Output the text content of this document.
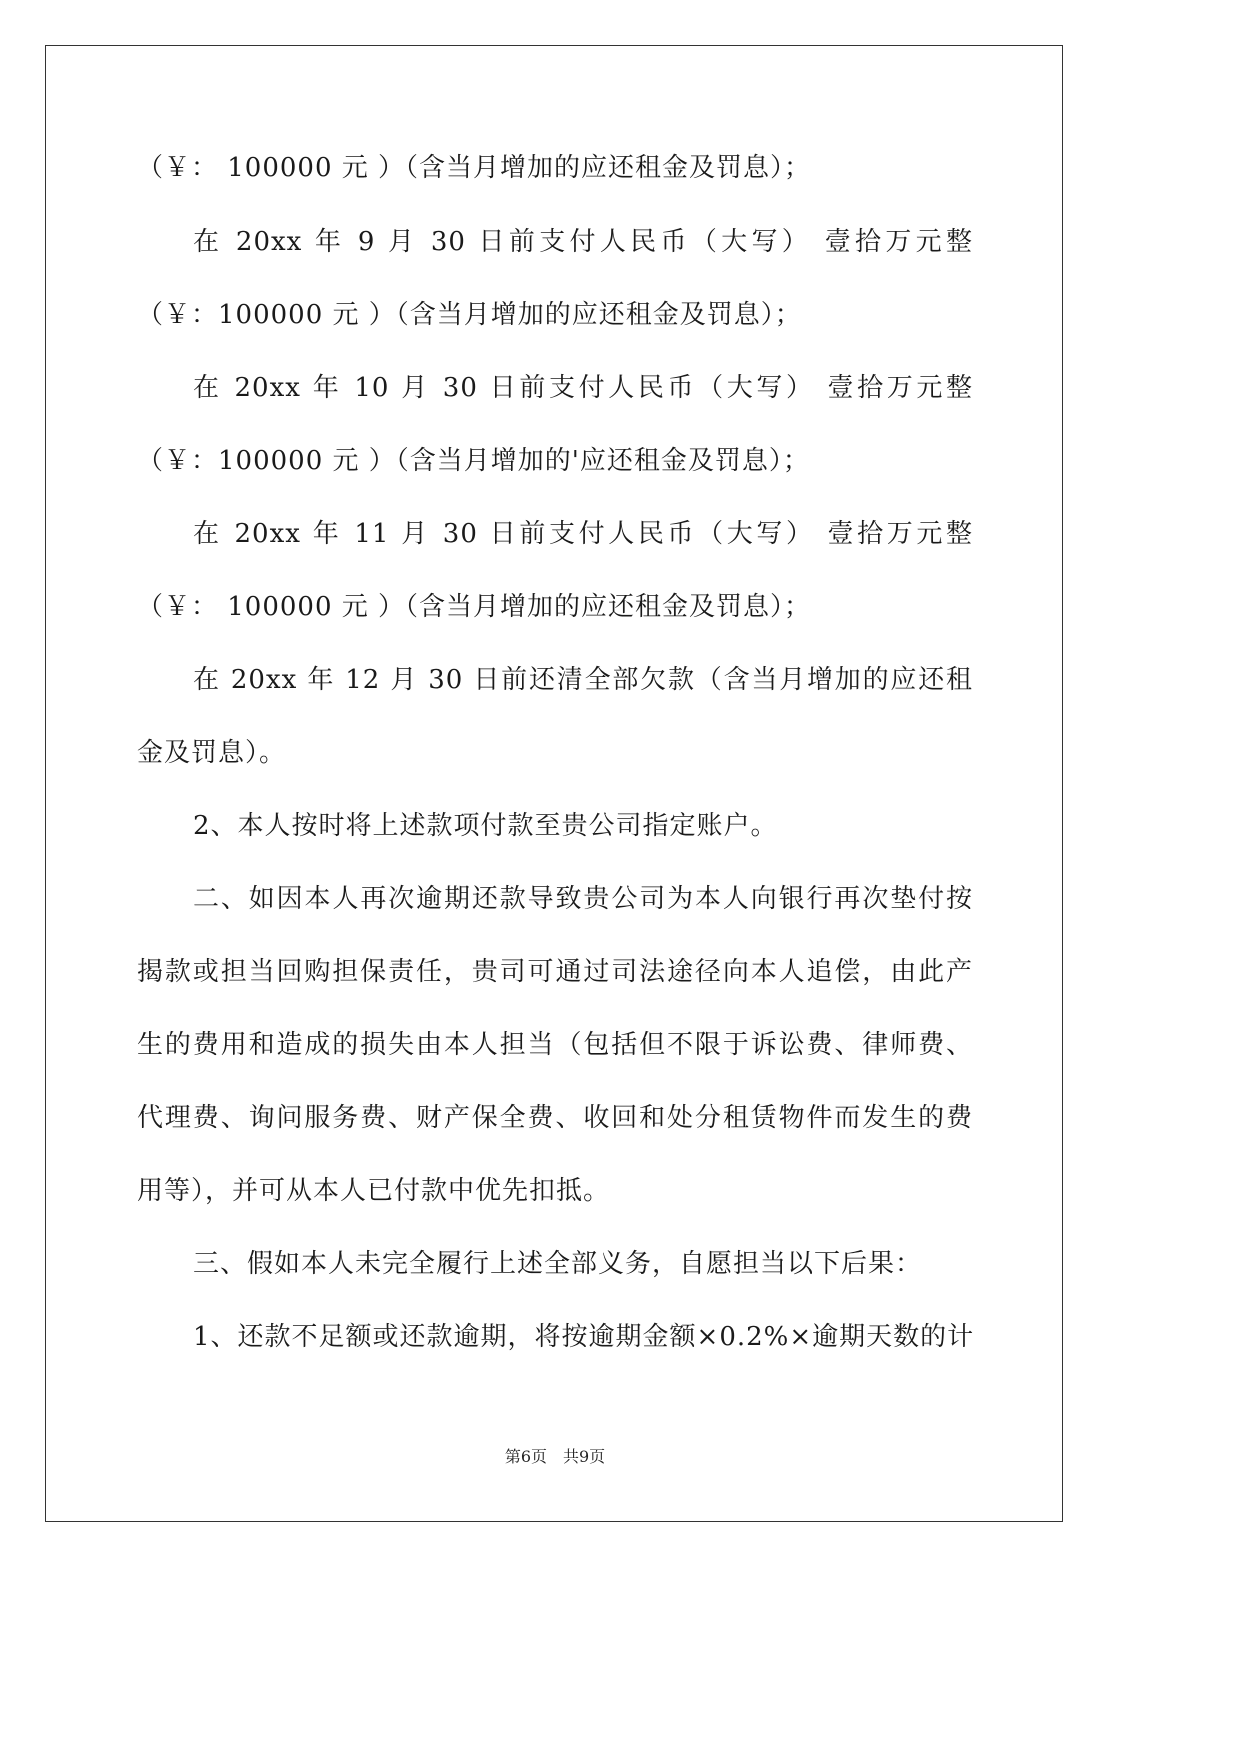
（￥： 100000 元 ）（含当月增加的应还租金及罚息）；
在 20xx 年 9 月 30 日前支付人民币（大写） 壹拾万元整
（￥：100000 元 ）（含当月增加的应还租金及罚息）；
在 20xx 年 10 月 30 日前支付人民币（大写） 壹拾万元整
（￥：100000 元 ）（含当月增加的'应还租金及罚息）；
在 20xx 年 11 月 30 日前支付人民币（大写） 壹拾万元整
（￥： 100000 元 ）（含当月增加的应还租金及罚息）；
在 20xx 年 12 月 30 日前还清全部欠款（含当月增加的应还租
金及罚息）。
2、本人按时将上述款项付款至贵公司指定账户。
二、如因本人再次逾期还款导致贵公司为本人向银行再次垫付按
揭款或担当回购担保责任，贵司可通过司法途径向本人追偿，由此产
生的费用和造成的损失由本人担当（包括但不限于诉讼费、律师费、
代理费、询问服务费、财产保全费、收回和处分租赁物件而发生的费
用等），并可从本人已付款中优先扣抵。
三、假如本人未完全履行上述全部义务，自愿担当以下后果：
1、还款不足额或还款逾期，将按逾期金额×0.2%×逾期天数的计
第6页　共9页
